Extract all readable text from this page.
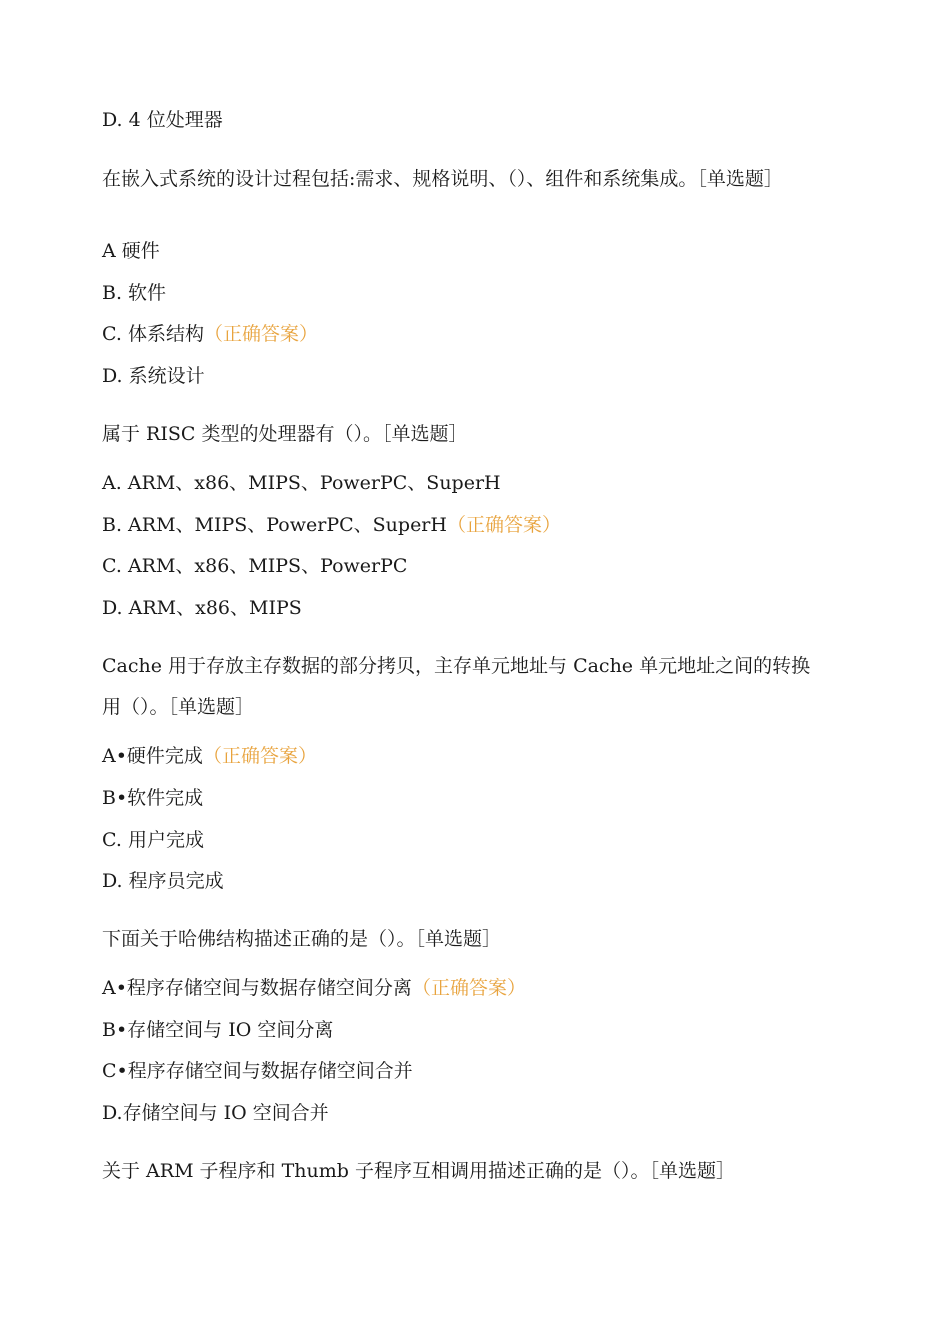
D. 4 位处理器
在嵌入式系统的设计过程包括:需求、规格说明、（）、组件和系统集成。［单选题］
A 硬件
B. 软件
C. 体系结构（正确答案）
D. 系统设计
属于 RISC 类型的处理器有（）。［单选题］
A. ARM、x86、MIPS、PowerPC、SuperH
B. ARM、MIPS、PowerPC、SuperH（正确答案）
C. ARM、x86、MIPS、PowerPC
D. ARM、x86、MIPS
Cache 用于存放主存数据的部分拷贝，主存单元地址与 Cache 单元地址之间的转换
用（）。［单选题］
A•硬件完成（正确答案）
B•软件完成
C. 用户完成
D. 程序员完成
下面关于哈佛结构描述正确的是（）。［单选题］
A•程序存储空间与数据存储空间分离（正确答案）
B•存储空间与 IO 空间分离
C•程序存储空间与数据存储空间合并
D.存储空间与 IO 空间合并
关于 ARM 子程序和 Thumb 子程序互相调用描述正确的是（）。［单选题］
